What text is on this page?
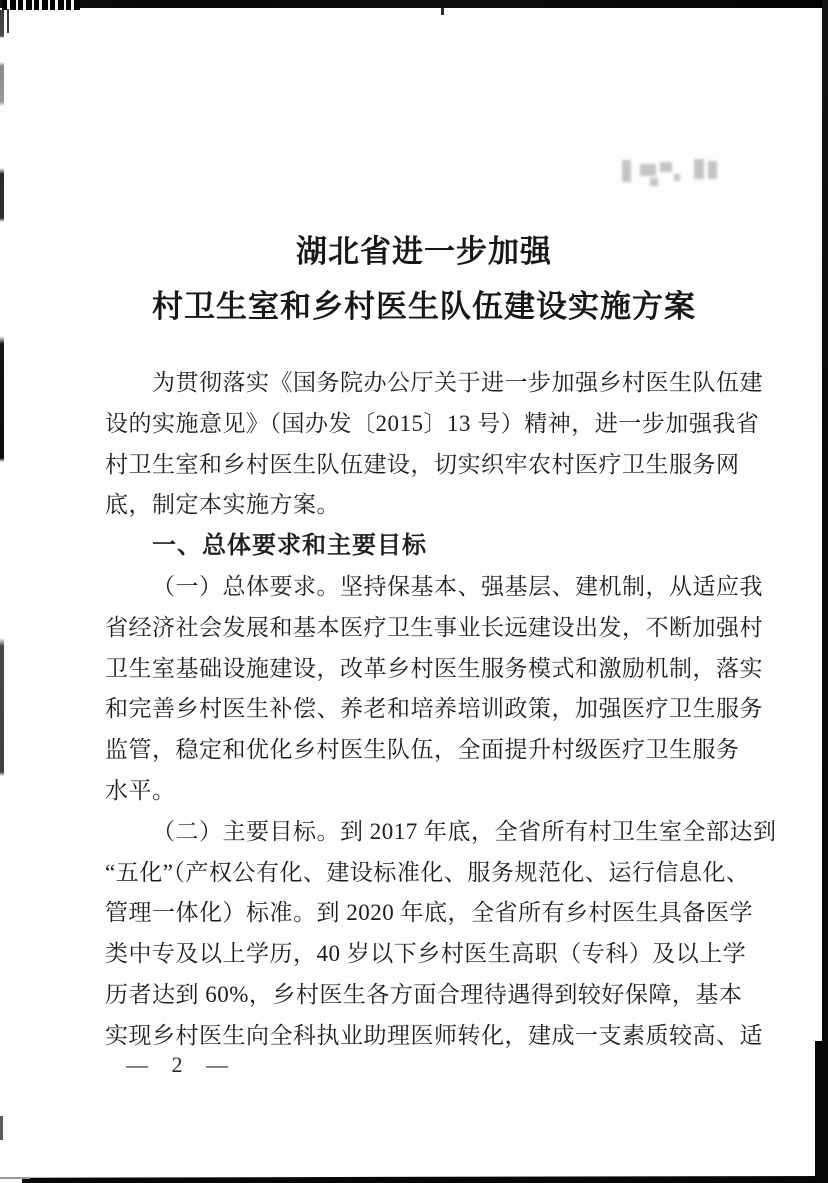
湖北省进一步加强
村卫生室和乡村医生队伍建设实施方案
为贯彻落实《国务院办公厅关于进一步加强乡村医生队伍建
设的实施意见》（国办发〔2015〕13 号）精神，进一步加强我省
村卫生室和乡村医生队伍建设，切实织牢农村医疗卫生服务网
底，制定本实施方案。
一、总体要求和主要目标
（一）总体要求。坚持保基本、强基层、建机制，从适应我
省经济社会发展和基本医疗卫生事业长远建设出发，不断加强村
卫生室基础设施建设，改革乡村医生服务模式和激励机制，落实
和完善乡村医生补偿、养老和培养培训政策，加强医疗卫生服务
监管，稳定和优化乡村医生队伍，全面提升村级医疗卫生服务
水平。
（二）主要目标。到 2017 年底，全省所有村卫生室全部达到
“五化”（产权公有化、建设标准化、服务规范化、运行信息化、
管理一体化）标准。到 2020 年底，全省所有乡村医生具备医学
类中专及以上学历，40 岁以下乡村医生高职（专科）及以上学
历者达到 60%，乡村医生各方面合理待遇得到较好保障，基本
实现乡村医生向全科执业助理医师转化，建成一支素质较高、适
— 2 —
